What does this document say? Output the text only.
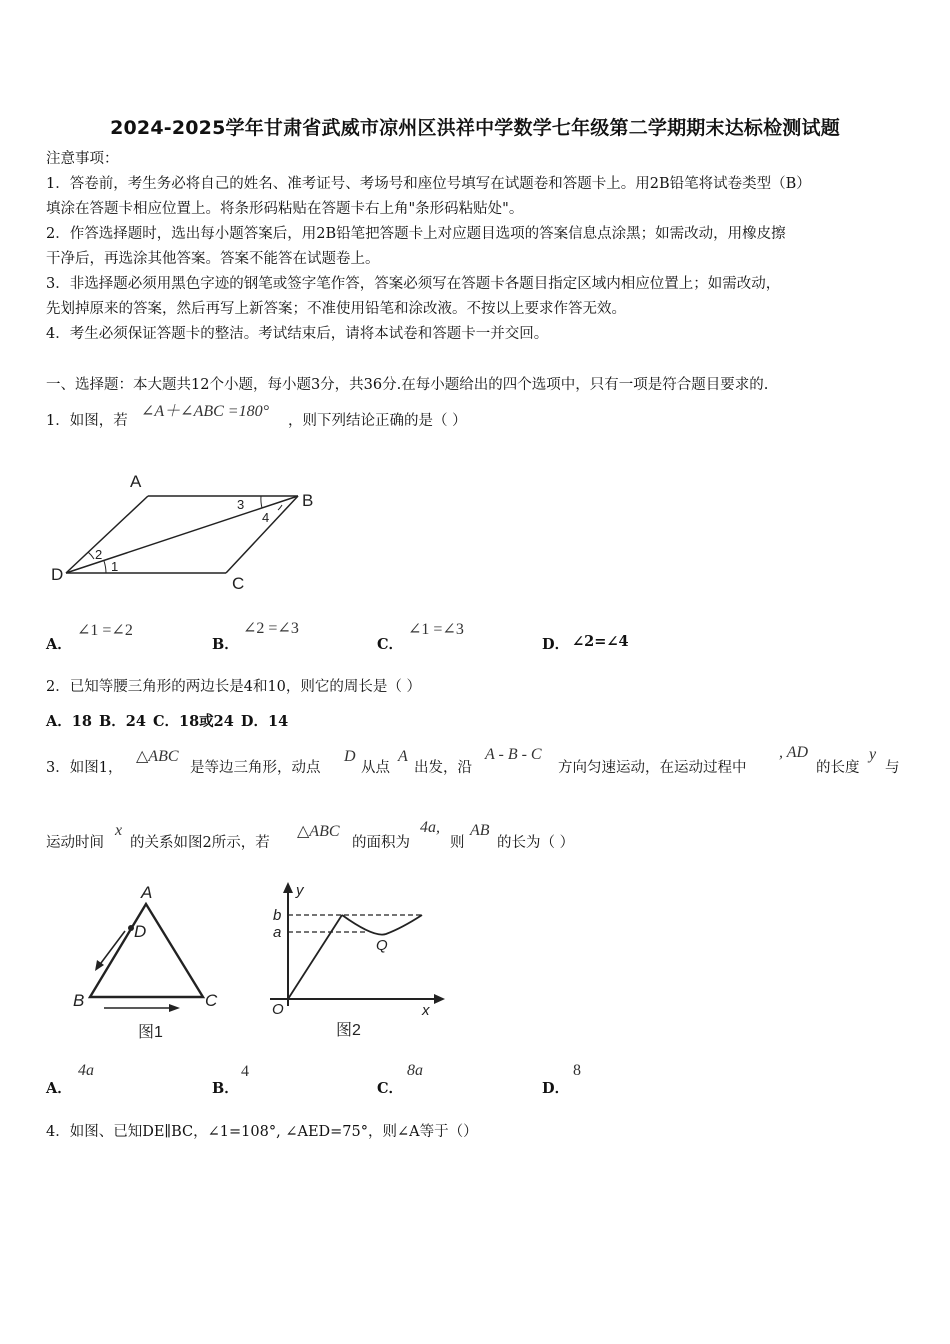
2024-2025学年甘肃省武威市凉州区洪祥中学数学七年级第二学期期末达标检测试题
注意事项：
1．答卷前，考生务必将自己的姓名、准考证号、考场号和座位号填写在试题卷和答题卡上。用2B铅笔将试卷类型（B）
填涂在答题卡相应位置上。将条形码粘贴在答题卡右上角"条形码粘贴处"。
2．作答选择题时，选出每小题答案后，用2B铅笔把答题卡上对应题目选项的答案信息点涂黑；如需改动，用橡皮擦
干净后，再选涂其他答案。答案不能答在试题卷上。
3．非选择题必须用黑色字迹的钢笔或签字笔作答，答案必须写在答题卡各题目指定区域内相应位置上；如需改动，
先划掉原来的答案，然后再写上新答案；不准使用铅笔和涂改液。不按以上要求作答无效。
4．考生必须保证答题卡的整洁。考试结束后，请将本试卷和答题卡一并交回。
一、选择题：本大题共12个小题，每小题3分，共36分.在每小题给出的四个选项中，只有一项是符合题目要求的.
1．如图，若
∠A＋∠ABC =180°
，则下列结论正确的是（ ）
A
B
C
D	1
2
3
4
A．
∠1 =∠2
B．
∠2 =∠3
C．
∠1 =∠3
D． ∠2=∠4
2．已知等腰三角形的两边长是4和10，则它的周长是（ ）
A．18 B．24 C．18或24 D．14
3．如图1，
△ABC
是等边三角形，动点
D
从点
A
出发，沿
A - B - C
方向匀速运动，在运动过程中
, AD
的长度
y
与
运动时间
x
的关系如图2所示，若
△ABC
的面积为
4a,
则
AB
的长为（ ）
A
D
B	C
图1
y
b
a
Q
O	x
图2
A．
4a
B．
4
C．
8a
D．
8
4．如图、已知DE∥BC，∠1=108°, ∠AED=75°，则∠A等于（）
